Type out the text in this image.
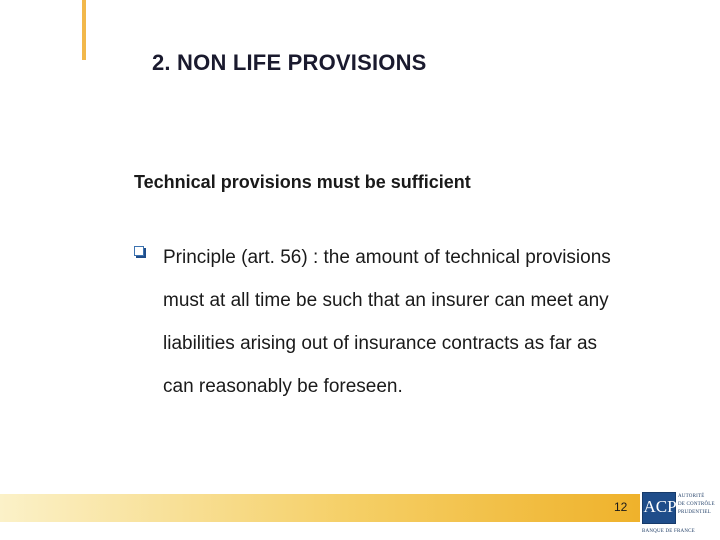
2. NON LIFE PROVISIONS

Technical provisions must be sufficient

Principle (art. 56) : the amount of technical provisions must at all time be such that an insurer can meet any liabilities arising out of insurance contracts as far as can reasonably be foreseen.

12 ACP
AUTORITÉ
DE CONTRÔLE
PRUDENTIEL
BANQUE DE FRANCE
